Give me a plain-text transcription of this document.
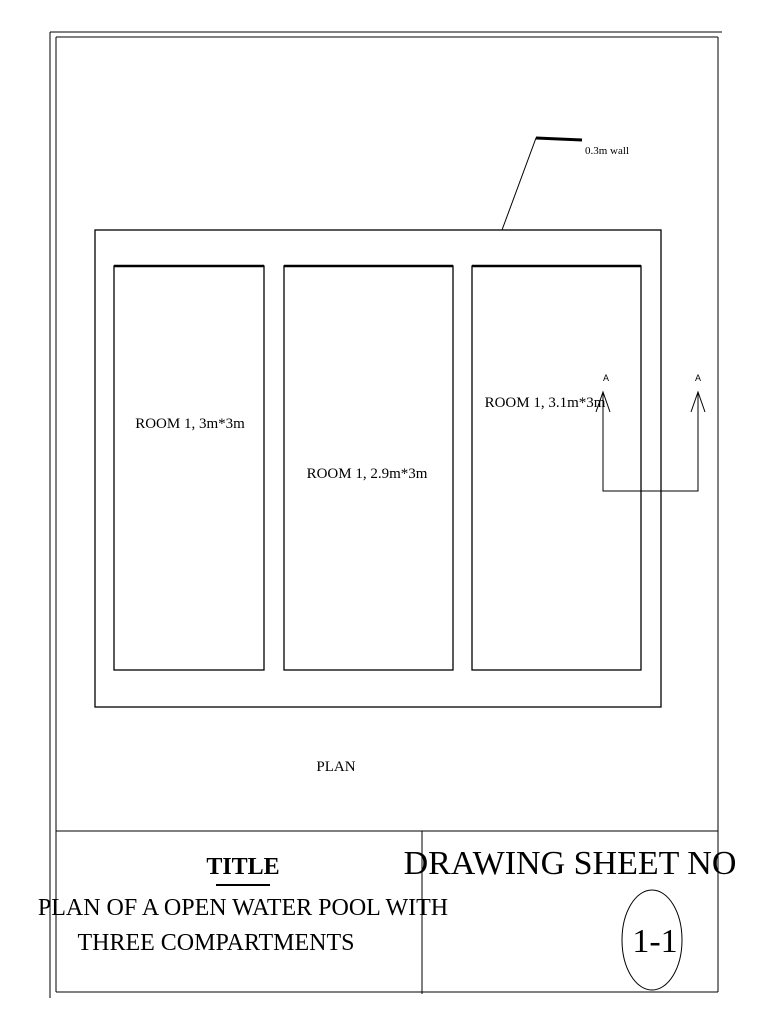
0.3m wall
ROOM 1, 3m*3m
ROOM 1, 2.9m*3m
ROOM 1, 3.1m*3m
A	A
PLAN
TITLE
PLAN OF A OPEN WATER POOL WITH
THREE COMPARTMENTS
DRAWING SHEET NO
1-1
